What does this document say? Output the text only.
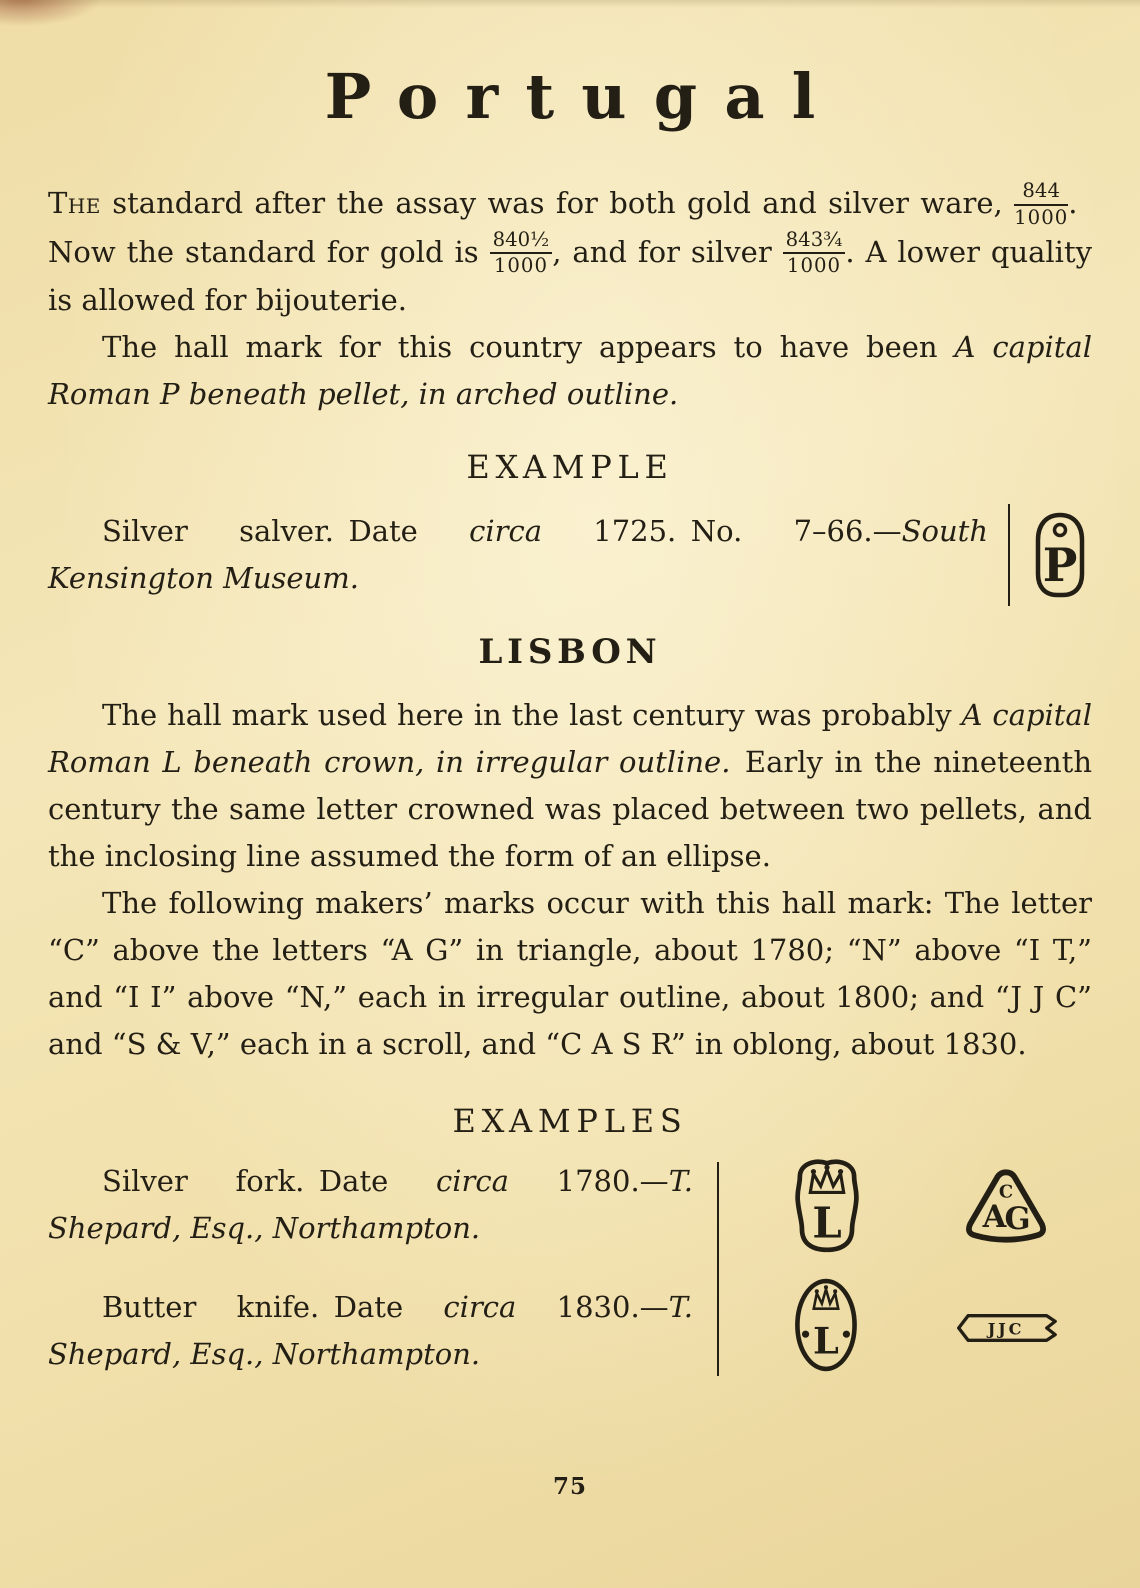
Portugal

The standard after the assay was for both gold and silver ware, $\frac{844}{1000}$ . Now the standard for gold is $\frac{\text{840½}}{1000}$ , and for silver $\frac{\text{843¾}}{1000}$ . A lower quality is allowed for bijouterie.

The hall mark for this country appears to have been A capital Roman P beneath pellet, in arched outline.

EXAMPLE

Silver salver. Date circa 1725. No. 7–66.—South Kensington Museum.	P
LISBON

The hall mark used here in the last century was probably A capital Roman L beneath crown, in irregular outline. Early in the nineteenth century the same letter crowned was placed between two pellets, and the inclosing line assumed the form of an ellipse.

The following makers’ marks occur with this hall mark: The letter “C” above the letters “A G” in triangle, about 1780; “N” above “I T,” and “I I” above “N,” each in irregular outline, about 1800; and “J J C” and “S & V,” each in a scroll, and “C A S R” in oblong, about 1830.

EXAMPLES

Silver fork. Date circa 1780.—T. Shepard, Esq., Northampton.

Butter knife. Date circa 1830.—T. Shepard, Esq., Northampton.

L
C
A
G
L	JJC
75
